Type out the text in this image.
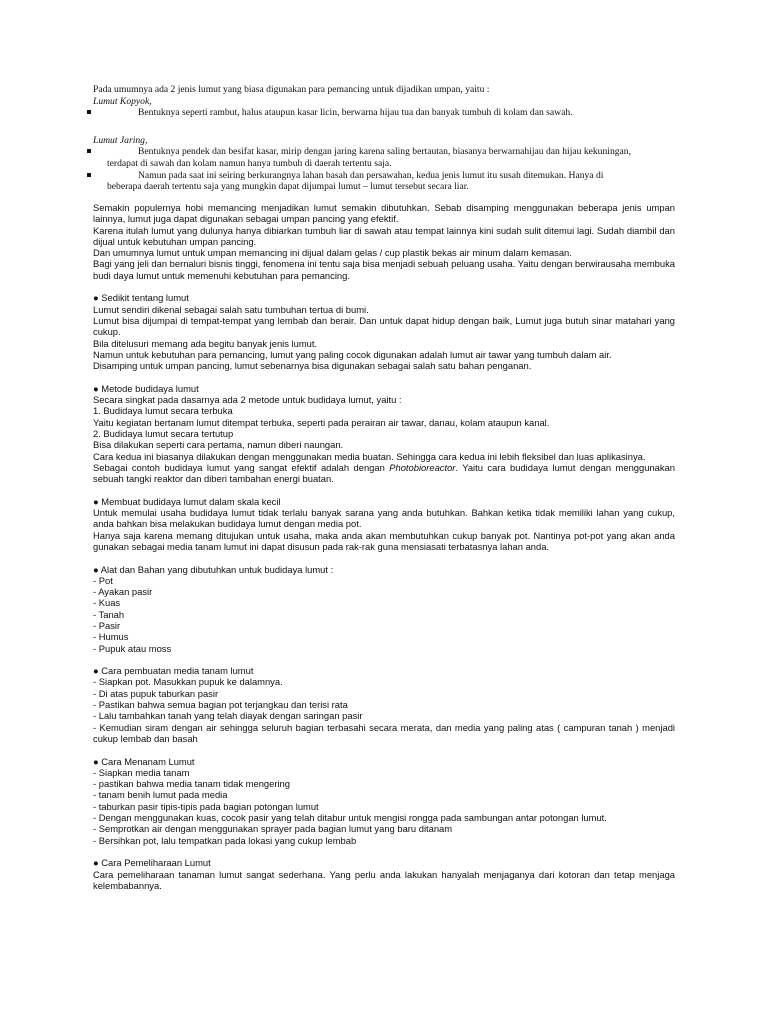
Pada umumnya ada 2 jenis lumut yang biasa digunakan para pemancing untuk dijadikan umpan, yaitu :

Lumut Kopyok,

Bentuknya seperti rambut, halus ataupun kasar licin, berwarna hijau tua dan banyak tumbuh di kolam dan sawah.

Lumut Jaring,

Bentuknya pendek dan besifat kasar, mirip dengan jaring karena saling bertautan, biasanya berwarnahijau dan hijau kekuningan,

terdapat di sawah dan kolam namun hanya tumbuh di daerah tertentu saja.

Namun pada saat ini seiring berkurangnya lahan basah dan persawahan, kedua jenis lumut itu susah ditemukan. Hanya di

beberapa daerah tertentu saja yang mungkin dapat dijumpai lumut – lumut tersebut secara liar.

Semakin populernya hobi memancing menjadikan lumut semakin dibutuhkan. Sebab disamping menggunakan beberapa jenis umpan lainnya, lumut juga dapat digunakan sebagai umpan pancing yang efektif.

Karena itulah lumut yang dulunya hanya dibiarkan tumbuh liar di sawah atau tempat lainnya kini sudah sulit ditemui lagi. Sudah diambil dan dijual untuk kebutuhan umpan pancing.

Dan umumnya lumut untuk umpan memancing ini dijual dalam gelas / cup plastik bekas air minum dalam kemasan.

Bagi yang jeli dan bernaluri bisnis tinggi, fenomena ini tentu saja bisa menjadi sebuah peluang usaha. Yaitu dengan berwirausaha membuka budi daya lumut untuk memenuhi kebutuhan para pemancing.

● Sedikit tentang lumut

Lumut sendiri dikenal sebagai salah satu tumbuhan tertua di bumi.

Lumut bisa dijumpai di tempat-tempat yang lembab dan berair. Dan untuk dapat hidup dengan baik, Lumut juga butuh sinar matahari yang cukup.

Bila ditelusuri memang ada begitu banyak jenis lumut.

Namun untuk kebutuhan para pemancing, lumut yang paling cocok digunakan adalah lumut air tawar yang tumbuh dalam air.

Disamping untuk umpan pancing, lumut sebenarnya bisa digunakan sebagai salah satu bahan penganan.

● Metode budidaya lumut

Secara singkat pada dasarnya ada 2 metode untuk budidaya lumut, yaitu :

1. Budidaya lumut secara terbuka

Yaitu kegiatan bertanam lumut ditempat terbuka, seperti pada perairan air tawar, danau, kolam ataupun kanal.

2. Budidaya lumut secara tertutup

Bisa dilakukan seperti cara pertama, namun diberi naungan.

Cara kedua ini biasanya dilakukan dengan menggunakan media buatan. Sehingga cara kedua ini lebih fleksibel dan luas aplikasinya.

Sebagai contoh budidaya lumut yang sangat efektif adalah dengan Photobioreactor. Yaitu cara budidaya lumut dengan menggunakan sebuah tangki reaktor dan diberi tambahan energi buatan.

● Membuat budidaya lumut dalam skala kecil

Untuk memulai usaha budidaya lumut tidak terlalu banyak sarana yang anda butuhkan. Bahkan ketika tidak memiliki lahan yang cukup, anda bahkan bisa melakukan budidaya lumut dengan media pot.

Hanya saja karena memang ditujukan untuk usaha, maka anda akan membutuhkan cukup banyak pot. Nantinya pot-pot yang akan anda gunakan sebagai media tanam lumut ini dapat disusun pada rak-rak guna mensiasati terbatasnya lahan anda.

● Alat dan Bahan yang dibutuhkan untuk budidaya lumut :

- Pot

- Ayakan pasir

- Kuas

- Tanah

- Pasir

- Humus

- Pupuk atau moss

● Cara pembuatan media tanam lumut

- Siapkan pot. Masukkan pupuk ke dalamnya.

- Di atas pupuk taburkan pasir

- Pastikan bahwa semua bagian pot terjangkau dan terisi rata

- Lalu tambahkan tanah yang telah diayak dengan saringan pasir

- Kemudian siram dengan air sehingga seluruh bagian terbasahi secara merata, dan media yang paling atas ( campuran tanah ) menjadi cukup lembab dan basah

● Cara Menanam Lumut

- Siapkan media tanam

- pastikan bahwa media tanam tidak mengering

- tanam benih lumut pada media

- taburkan pasir tipis-tipis pada bagian potongan lumut

- Dengan menggunakan kuas, cocok pasir yang telah ditabur untuk mengisi rongga pada sambungan antar potongan lumut.

- Semprotkan air dengan menggunakan sprayer pada bagian lumut yang baru ditanam

- Bersihkan pot, lalu tempatkan pada lokasi yang cukup lembab

● Cara Pemeliharaan Lumut

Cara pemeliharaan tanaman lumut sangat sederhana. Yang perlu anda lakukan hanyalah menjaganya dari kotoran dan tetap menjaga kelembabannya.
